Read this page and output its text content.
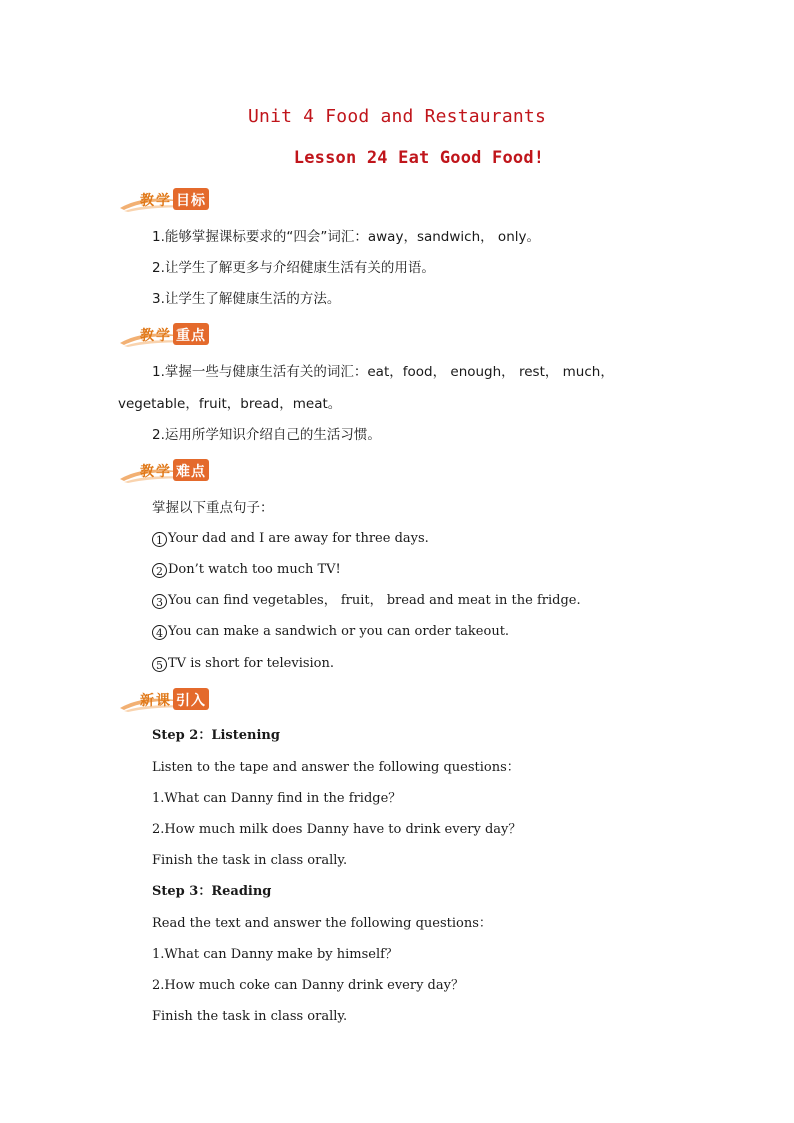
Unit 4 Food and Restaurants
Lesson 24 Eat Good Food!
教 学 目标
1.能够掌握课标要求的“四会”词汇：away，sandwich， only。
2.让学生了解更多与介绍健康生活有关的用语。
3.让学生了解健康生活的方法。
教 学 重点
1.掌握一些与健康生活有关的词汇：eat，food， enough， rest， much，
vegetable，fruit，bread，meat。
2.运用所学知识介绍自己的生活习惯。
教 学 难点
掌握以下重点句子：
1 Your dad and I are away for three days.
2 Don’t watch too much TV!
3 You can find vegetables， fruit， bread and meat in the fridge.
4 You can make a sandwich or you can order takeout.
5 TV is short for television.
新 课 引入
Step 2：Listening
Listen to the tape and answer the following questions：
1.What can Danny find in the fridge？
2.How much milk does Danny have to drink every day？
Finish the task in class orally.
Step 3：Reading
Read the text and answer the following questions：
1.What can Danny make by himself？
2.How much coke can Danny drink every day？
Finish the task in class orally.
